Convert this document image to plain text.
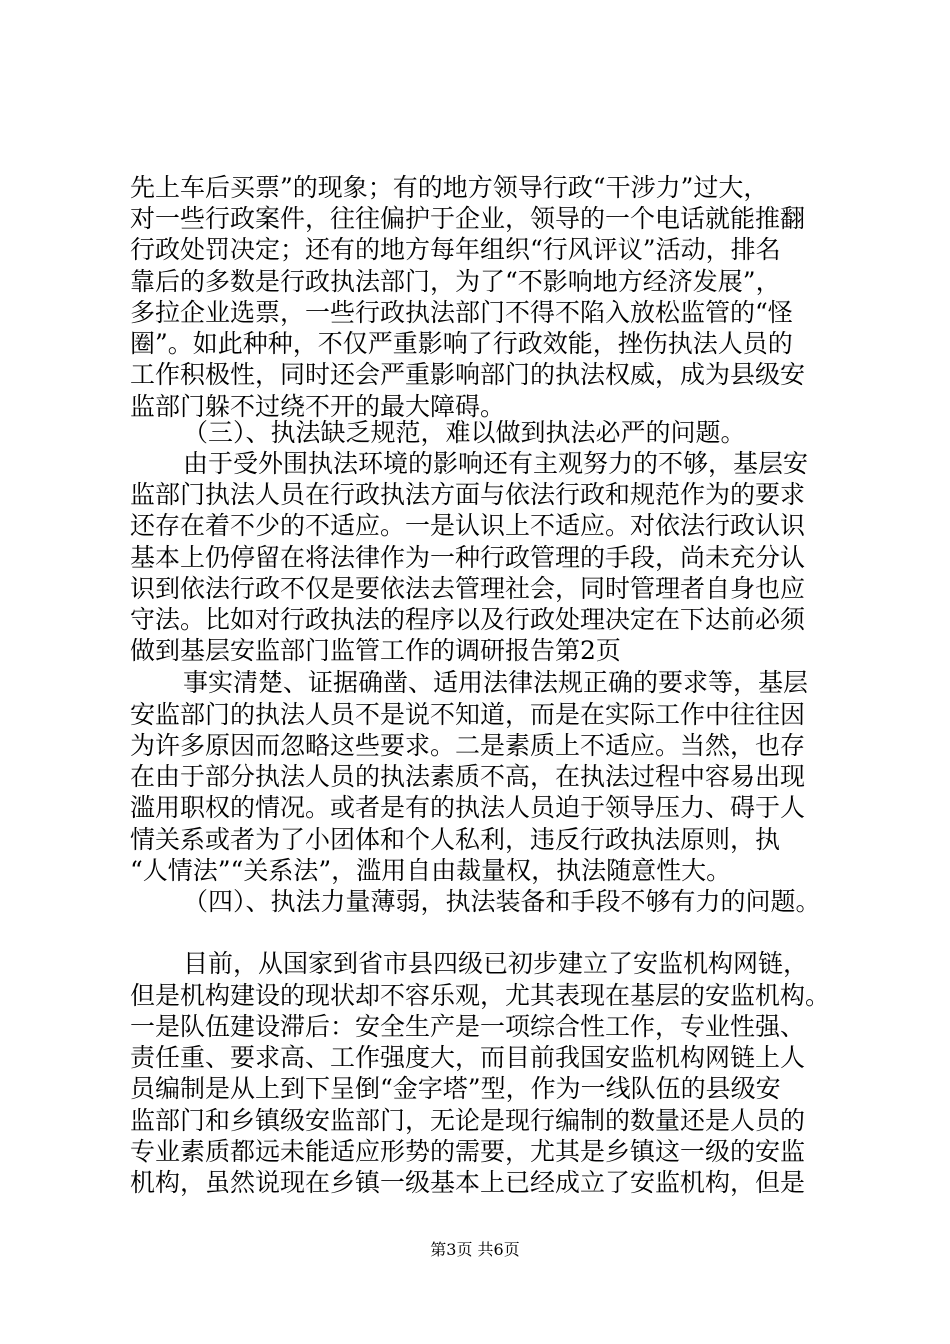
先上车后买票”的现象；有的地方领导行政“干涉力”过大，
对一些行政案件，往往偏护于企业，领导的一个电话就能推翻
行政处罚决定；还有的地方每年组织“行风评议”活动，排名
靠后的多数是行政执法部门，为了“不影响地方经济发展”，
多拉企业选票，一些行政执法部门不得不陷入放松监管的“怪
圈”。如此种种，不仅严重影响了行政效能，挫伤执法人员的
工作积极性，同时还会严重影响部门的执法权威，成为县级安
监部门躲不过绕不开的最大障碍。
（三）、执法缺乏规范，难以做到执法必严的问题。
由于受外围执法环境的影响还有主观努力的不够，基层安
监部门执法人员在行政执法方面与依法行政和规范作为的要求
还存在着不少的不适应。一是认识上不适应。对依法行政认识
基本上仍停留在将法律作为一种行政管理的手段，尚未充分认
识到依法行政不仅是要依法去管理社会，同时管理者自身也应
守法。比如对行政执法的程序以及行政处理决定在下达前必须
做到基层安监部门监管工作的调研报告第2页
事实清楚、证据确凿、适用法律法规正确的要求等，基层
安监部门的执法人员不是说不知道，而是在实际工作中往往因
为许多原因而忽略这些要求。二是素质上不适应。当然，也存
在由于部分执法人员的执法素质不高，在执法过程中容易出现
滥用职权的情况。或者是有的执法人员迫于领导压力、碍于人
情关系或者为了小团体和个人私利，违反行政执法原则，执
“人情法”“关系法”，滥用自由裁量权，执法随意性大。
（四）、执法力量薄弱，执法装备和手段不够有力的问题。
目前，从国家到省市县四级已初步建立了安监机构网链，
但是机构建设的现状却不容乐观，尤其表现在基层的安监机构。
一是队伍建设滞后：安全生产是一项综合性工作，专业性强、
责任重、要求高、工作强度大，而目前我国安监机构网链上人
员编制是从上到下呈倒“金字塔”型，作为一线队伍的县级安
监部门和乡镇级安监部门，无论是现行编制的数量还是人员的
专业素质都远未能适应形势的需要，尤其是乡镇这一级的安监
机构，虽然说现在乡镇一级基本上已经成立了安监机构，但是
第3页 共6页
